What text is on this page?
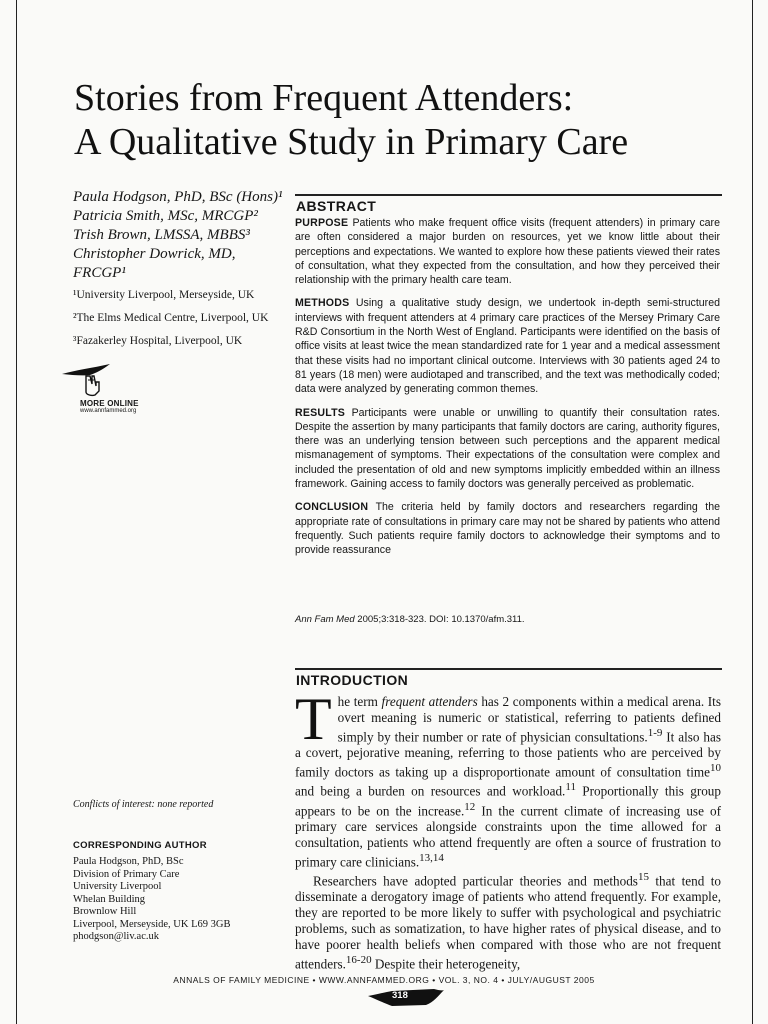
Stories from Frequent Attenders:
A Qualitative Study in Primary Care

Paula Hodgson, PhD, BSc (Hons)¹

Patricia Smith, MSc, MRCGP²

Trish Brown, LMSSA, MBBS³

Christopher Dowrick, MD, FRCGP¹

¹University Liverpool, Merseyside, UK
²The Elms Medical Centre, Liverpool, UK
³Fazakerley Hospital, Liverpool, UK
MORE ONLINE
www.annfammed.org
Conflicts of interest: none reported
CORRESPONDING AUTHOR
Paula Hodgson, PhD, BSc
Division of Primary Care
University Liverpool
Whelan Building
Brownlow Hill
Liverpool, Merseyside, UK L69 3GB
phodgson@liv.ac.uk
ABSTRACT

PURPOSE Patients who make frequent office visits (frequent attenders) in primary care are often considered a major burden on resources, yet we know little about their perceptions and expectations. We wanted to explore how these patients viewed their rates of consultation, what they expected from the consultation, and how they perceived their relationship with the primary health care team.

METHODS Using a qualitative study design, we undertook in-depth semi-structured interviews with frequent attenders at 4 primary care practices of the Mersey Primary Care R&D Consortium in the North West of England. Participants were identified on the basis of office visits at least twice the mean standardized rate for 1 year and a medical assessment that these visits had no important clinical outcome. Interviews with 30 patients aged 24 to 81 years (18 men) were audiotaped and transcribed, and the text was methodically coded; data were analyzed by generating common themes.

RESULTS Participants were unable or unwilling to quantify their consultation rates. Despite the assertion by many participants that family doctors are caring, authority figures, there was an underlying tension between such perceptions and the apparent medical mismanagement of symptoms. Their expectations of the consultation were complex and included the presentation of old and new symptoms implicitly embedded within an illness framework. Gaining access to family doctors was generally perceived as problematic.

CONCLUSION The criteria held by family doctors and researchers regarding the appropriate rate of consultations in primary care may not be shared by patients who attend frequently. Such patients require family doctors to acknowledge their symptoms and to provide reassurance

Ann Fam Med 2005;3:318-323. DOI: 10.1370/afm.311.
INTRODUCTION

The term frequent attenders has 2 components within a medical arena. Its overt meaning is numeric or statistical, referring to patients defined simply by their number or rate of physician consultations.$^{1-9}$ It also has a covert, pejorative meaning, referring to those patients who are perceived by family doctors as taking up a disproportionate amount of consultation time$^{10}$ and being a burden on resources and workload.$^{11}$ Proportionally this group appears to be on the increase.$^{12}$ In the current climate of increasing use of primary care services alongside constraints upon the time allowed for a consultation, patients who attend frequently are often a source of frustration to primary care clinicians.$^{13,14}$

Researchers have adopted particular theories and methods$^{15}$ that tend to disseminate a derogatory image of patients who attend frequently. For example, they are reported to be more likely to suffer with psychological and psychiatric problems, such as somatization, to have higher rates of physical disease, and to have poorer health beliefs when compared with those who are not frequent attenders.$^{16-20}$ Despite their heterogeneity,

ANNALS OF FAMILY MEDICINE • WWW.ANNFAMMED.ORG • VOL. 3, NO. 4 • JULY/AUGUST 2005
318
